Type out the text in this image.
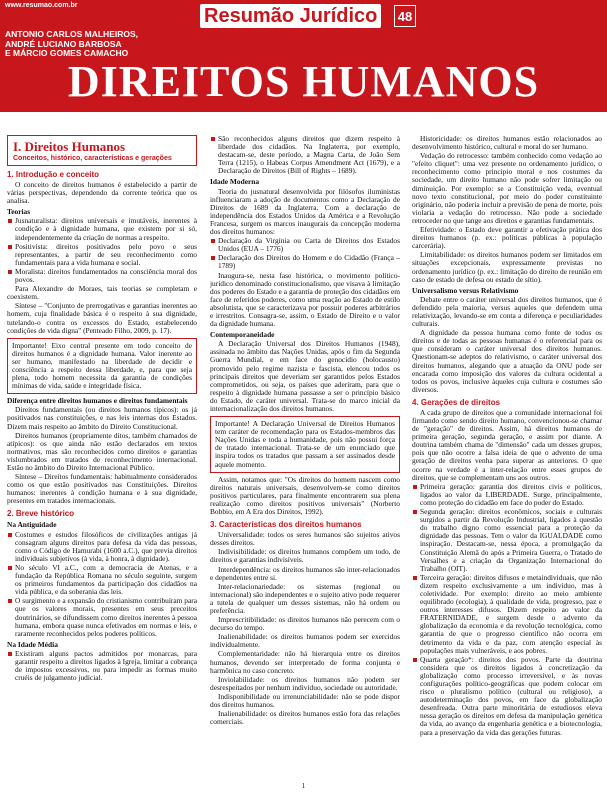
www.resumao.com.br	Resumão Jurídico	48
ANTONIO CARLOS MALHEIROS,
ANDRÉ LUCIANO BARBOSA
E MÁRCIO GOMES CAMACHO
DIREITOS HUMANOS
I. Direitos Humanos
Conceitos, histórico, características e gerações
1. Introdução e conceito
O conceito de direitos humanos é estabelecido a partir de várias perspectivas, dependendo da corrente teórica que os analisa.
Teorias
Jusnaturalista: direitos universais e imutáveis, inerentes à condição e à dignidade humana, que existem por si só, independentemente da criação de normas a respeito.
Positivista: direitos positivados pelo povo e seus representantes, a partir de seu reconhecimento como fundamentais para a vida humana e social.
Moralista: direitos fundamentados na consciência moral dos povos.
Para Alexandre de Moraes, tais teorias se completam e coexistem.
Síntese – "Conjunto de prerrogativas e garantias inerentes ao homem, cuja finalidade básica é o respeito à sua dignidade, tutelando-o contra os excessos do Estado, estabelecendo condições de vida digna" (Penteado Filho, 2009, p. 17).
Importante! Eixo central presente em todo conceito de direitos humanos é a dignidade humana. Valor inerente ao ser humano, manifestado na liberdade de decidir e consciência a respeito dessa liberdade, e, para que seja plena, todo homem necessita da garantia de condições mínimas de vida, saúde e integridade física.
Diferença entre direitos humanos e direitos fundamentais
Direitos fundamentais (ou direitos humanos típicos): os já positivados nas constituições, e nas leis internas dos Estados. Dizem mais respeito ao âmbito do Direito Constitucional.
Direitos humanos (propriamente ditos, também chamados de atípicos): os que ainda não estão declarados em textos normativos, mas são reconhecidos como direitos e garantias vislumbrados em tratados de reconhecimento internacional. Estão no âmbito do Direito Internacional Público.
Síntese – Direitos fundamentais: habitualmente considerados como os que estão positivados nas Constituições. Direitos humanos: inerentes à condição humana e à sua dignidade, presentes em tratados internacionais.
2. Breve histórico
Na Antiguidade
Costumes e estudos filosóficos de civilizações antigas já consagram alguns direitos para defesa da vida das pessoas, como o Código de Hamurabi (1600 a.C.), que previa direitos individuais subjetivos (à vida, à honra, à dignidade).
No século VI a.C., com a democracia de Atenas, e a fundação da República Romana no século seguinte, surgem os primeiros fundamentos da participação dos cidadãos na vida pública, e da soberania das leis.
O surgimento e a expansão do cristianismo contribuíram para que os valores morais, presentes em seus preceitos doutrinários, se difundissem como direitos inerentes à pessoa humana, embora quase nunca efetivados em normas e leis, e raramente reconhecidos pelos poderes políticos.
Na Idade Média
Existiram alguns pactos admitidos por monarcas, para garantir respeito a direitos ligados à Igreja, limitar a cobrança de impostos excessivos, ou para impedir as formas muito cruéis de julgamento judicial.
São reconhecidos alguns direitos que dizem respeito à liberdade dos cidadãos. Na Inglaterra, por exemplo, destacam-se, deste período, a Magna Carta, de João Sem Terra (1215), o Habeas Corpus Amendment Act (1679), e a Declaração de Direitos (Bill of Rights – 1689).
Idade Moderna
Teoria do jusnatural desenvolvida por filósofos iluministas influenciaram a adoção de documentos como a Declaração de Direitos de 1689 da Inglaterra. Com a declaração de independência dos Estados Unidos da América e a Revolução Francesa, surgem os marcos inaugurais da concepção moderna dos direitos humanos:
Declaração da Virgínia ou Carta de Direitos dos Estados Unidos (EUA – 1776)
Declaração dos Direitos do Homem e do Cidadão (França – 1789)
Inaugura-se, nesta fase histórica, o movimento político-jurídico denominado constitucionalismo, que visava à limitação dos poderes do Estado e a garantia de proteção dos cidadãos em face de referidos poderes, como uma reação ao Estado de estilo absolutista, que se caracterizava por possuir poderes arbitrários e irrestritos. Consagra-se, assim, o Estado de Direito e o valor da dignidade humana.
Contemporaneidade
A Declaração Universal dos Direitos Humanos (1948), assinada no âmbito das Nações Unidas, após o fim da Segunda Guerra Mundial, e em face do genocídio (holocausto) promovido pelo regime nazista e fascista, elencou todos os principais direitos que deveriam ser garantidos pelos Estados comprometidos, ou seja, os países que aderiram, para que o respeito à dignidade humana passasse a ser o princípio básico do Estado, de caráter universal. Trata-se do marco inicial da internacionalização dos direitos humanos.
Importante! A Declaração Universal de Direitos Humanos tem caráter de recomendação para os Estados-membros das Nações Unidas e toda a humanidade, pois não possui força de tratado internacional. Trata-se de um enunciado que inspira todos os tratados que passam a ser assinados desde aquele momento.
Assim, notamos que: "Os direitos do homem nascem como direitos naturais universais, desenvolvem-se como direitos positivos particulares, para finalmente encontrarem sua plena realização como direitos positivos universais" (Norberto Bobbio, em A Era dos Direitos, 1992).
3. Características dos direitos humanos
Universalidade: todos os seres humanos são sujeitos ativos desses direitos.
Indivisibilidade: os direitos humanos compõem um todo, de direitos e garantias indivisíveis.
Interdependência: os direitos humanos são inter-relacionados e dependentes entre si.
Inter-relacionariedade: os sistemas (regional ou internacional) são independentes e o sujeito ativo pode requerer a tutela de qualquer um desses sistemas, não há ordem ou preferência.
Imprescritibilidade: os direitos humanos não perecem com o decurso do tempo.
Inalienabilidade: os direitos humanos podem ser exercidos individualmente.
Complementaridade: não há hierarquia entre os direitos humanos, devendo ser interpretado de forma conjunta e harmônica no caso concreto.
Inviolabilidade: os direitos humanos não podem ser desrespeitados por nenhum indivíduo, sociedade ou autoridade.
Indisponibilidade ou irrenunciabilidade: não se pode dispor dos direitos humanos.
Inalienabilidade: os direitos humanos estão fora das relações comerciais.
Historicidade: os direitos humanos estão relacionados ao desenvolvimento histórico, cultural e moral do ser humano.
Vedação do retrocesso: também conhecido como vedação ao "efeito cliquet": uma vez presente no ordenamento jurídico, o reconhecimento como principio moral e nos costumes da sociedade, um direito humano não pode sofrer limitação ou diminuição. Por exemplo: se a Constituição veda, eventual novo texto constitucional, por meio do poder constituinte originário, não poderia incluir a previsão de pena de morte, pois violaria a vedação do retrocesso. Não pode a sociedade retroceder no que tange aos direitos e garantias fundamentais.
Efetividade: o Estado deve garantir a efetivação prática dos direitos humanos (p. ex.: políticas públicas à população carcerária).
Limitabilidade: os direitos humanos podem ser limitados em situações excepcionais, expressamente previstas no ordenamento jurídico (p. ex.: limitação do direito de reunião em caso de estado de defesa ou estado de sítio).
Universalismo versus Relativismo
Debate entre o caráter universal dos direitos humanos, que é defendido pela maioria, versus aqueles que defendem uma relativização, levando-se em conta a diferença e peculiaridades culturais.
A dignidade da pessoa humana como fonte de todos os direitos e de todas as pessoas humanas é o referencial para os que consideram o caráter universal dos direitos humanos. Questionam-se adeptos do relativismo, o caráter universal dos direitos humanos, alegando que a atuação da ONU pode ser encarada como imposição dos valores da cultura ocidental a todos os povos, inclusive àqueles cuja cultura e costumes são diversos.
4. Gerações de direitos
A cada grupo de direitos que a comunidade internacional foi firmando como sendo direito humano, convencionou-se chamar de "geração" de direitos. Assim, há direitos humanos de primeira geração, segunda geração, e assim por diante. A doutrina também chama de "dimensão" cada um desses grupos, pois que não ocorre a falsa ideia de que o advento de uma geração de direitos venha para superar as anteriores. O que ocorre na verdade é a inter-relação entre esses grupos de direitos, que se complementam uns aos outros.
Primeira geração: garantia dos direitos civis e políticos, ligados ao valor da LIBERDADE. Surge, principalmente, como proteção do cidadão em face do poder do Estado.
Segunda geração: direitos econômicos, sociais e culturais surgidos a partir da Revolução Industrial, ligados à questão do trabalho digno como essencial para a proteção da dignidade das pessoas. Tem o valor da IGUALDADE como inspiração. Destacam-se, nessa época, a promulgação da Constituição Alemã do após a Primeira Guerra, o Tratado de Versalhes e a criação da Organização Internacional do Trabalho (OIT).
Terceira geração: direitos difusos e metaindividuais, que não dizem respeito exclusivamente a um indivíduo, mas à coletividade. Por exemplo: direito ao meio ambiente equilibrado (ecologia), à qualidade de vida, progresso, paz e outros interesses difusos. Dizem respeito ao valor da FRATERNIDADE, e surgem desde o advento da globalização da economia e da revolução tecnológica, como garantia de que o progresso científico não ocorra em detrimento da vida e da paz, com atenção especial às populações mais vulneráveis, e aos pobres.
Quarta geração*: direitos dos povos. Parte da doutrina considera que os direitos ligados à concretização da globalização como processo irreversível, e às novas configurações político-geográficas que podem colocar em risco o pluralismo político (cultural ou religioso), a autodeterminação dos povos, em face da globalização desenfreada. Outra parte minoritária de estudiosos eleva nessa geração os direitos em defesa da manipulação genética da vida, ao avanço da engenharia genética e a biotecnologia, para a preservação da vida das gerações futuras.
1
